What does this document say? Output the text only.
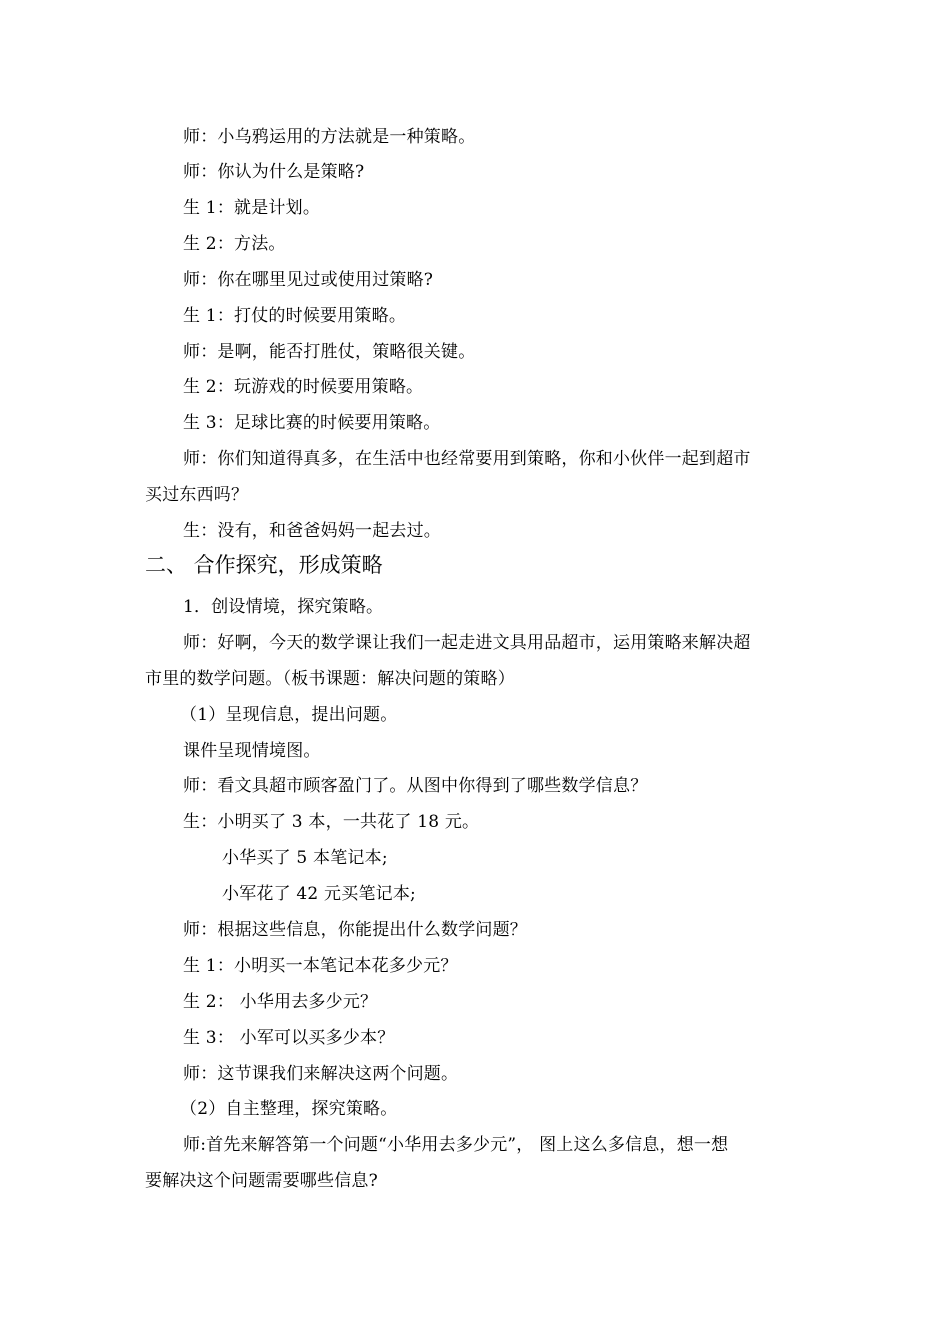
师：小乌鸦运用的方法就是一种策略。
师：你认为什么是策略?
生 1：就是计划。
生 2：方法。
师：你在哪里见过或使用过策略?
生 1：打仗的时候要用策略。
师：是啊，能否打胜仗，策略很关键。
生 2：玩游戏的时候要用策略。
生 3：足球比赛的时候要用策略。
师：你们知道得真多，在生活中也经常要用到策略，你和小伙伴一起到超市
买过东西吗？
生：没有，和爸爸妈妈一起去过。
二、 合作探究，形成策略
1．创设情境，探究策略。
师：好啊，今天的数学课让我们一起走进文具用品超市，运用策略来解决超
市里的数学问题。（板书课题：解决问题的策略）
（1）呈现信息，提出问题。
课件呈现情境图。
师：看文具超市顾客盈门了。从图中你得到了哪些数学信息？
生：小明买了 3 本，一共花了 18 元。
小华买了 5 本笔记本;
小军花了 42 元买笔记本;
师：根据这些信息，你能提出什么数学问题？
生 1：小明买一本笔记本花多少元？
生 2： 小华用去多少元？
生 3： 小军可以买多少本？
师：这节课我们来解决这两个问题。
（2）自主整理，探究策略。
师:首先来解答第一个问题“小华用去多少元”， 图上这么多信息，想一想
要解决这个问题需要哪些信息?
